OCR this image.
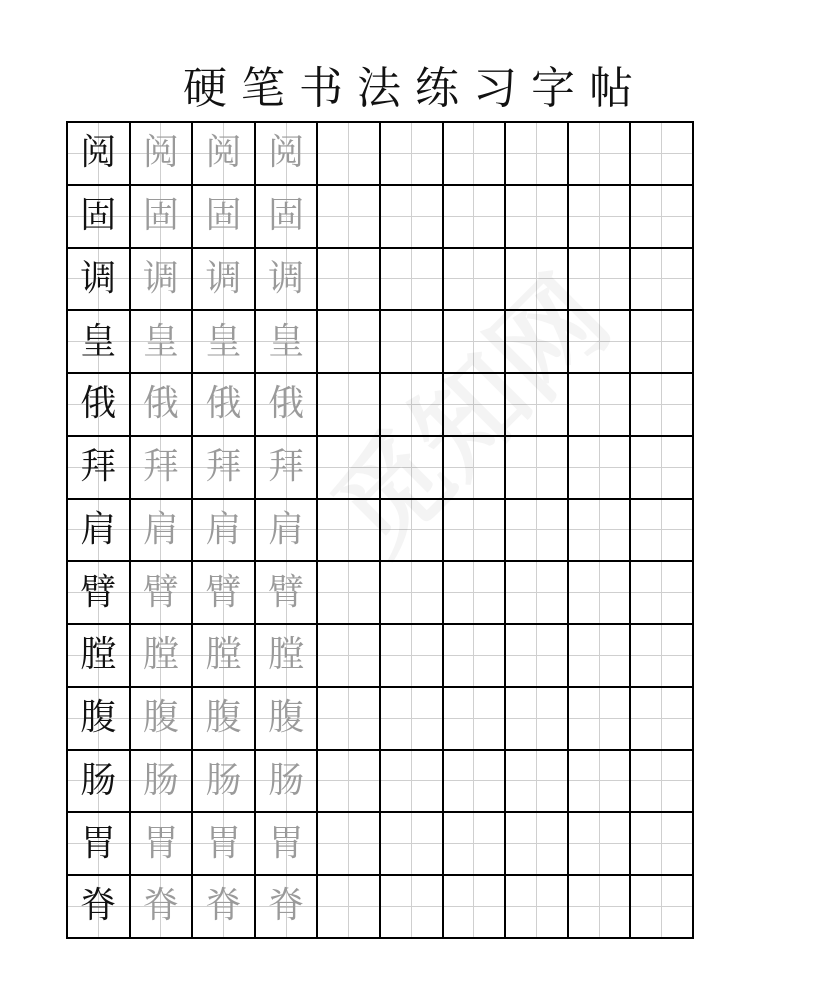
硬笔书法练习字帖
阅 阅 阅 阅
固 固 固 固
调 调 调 调
皇 皇 皇 皇
俄 俄 俄 俄
拜 拜 拜 拜
肩 肩 肩 肩
臂 臂 臂 臂
膛 膛 膛 膛
腹 腹 腹 腹
肠 肠 肠 肠
胃 胃 胃 胃
脊 脊 脊 脊
